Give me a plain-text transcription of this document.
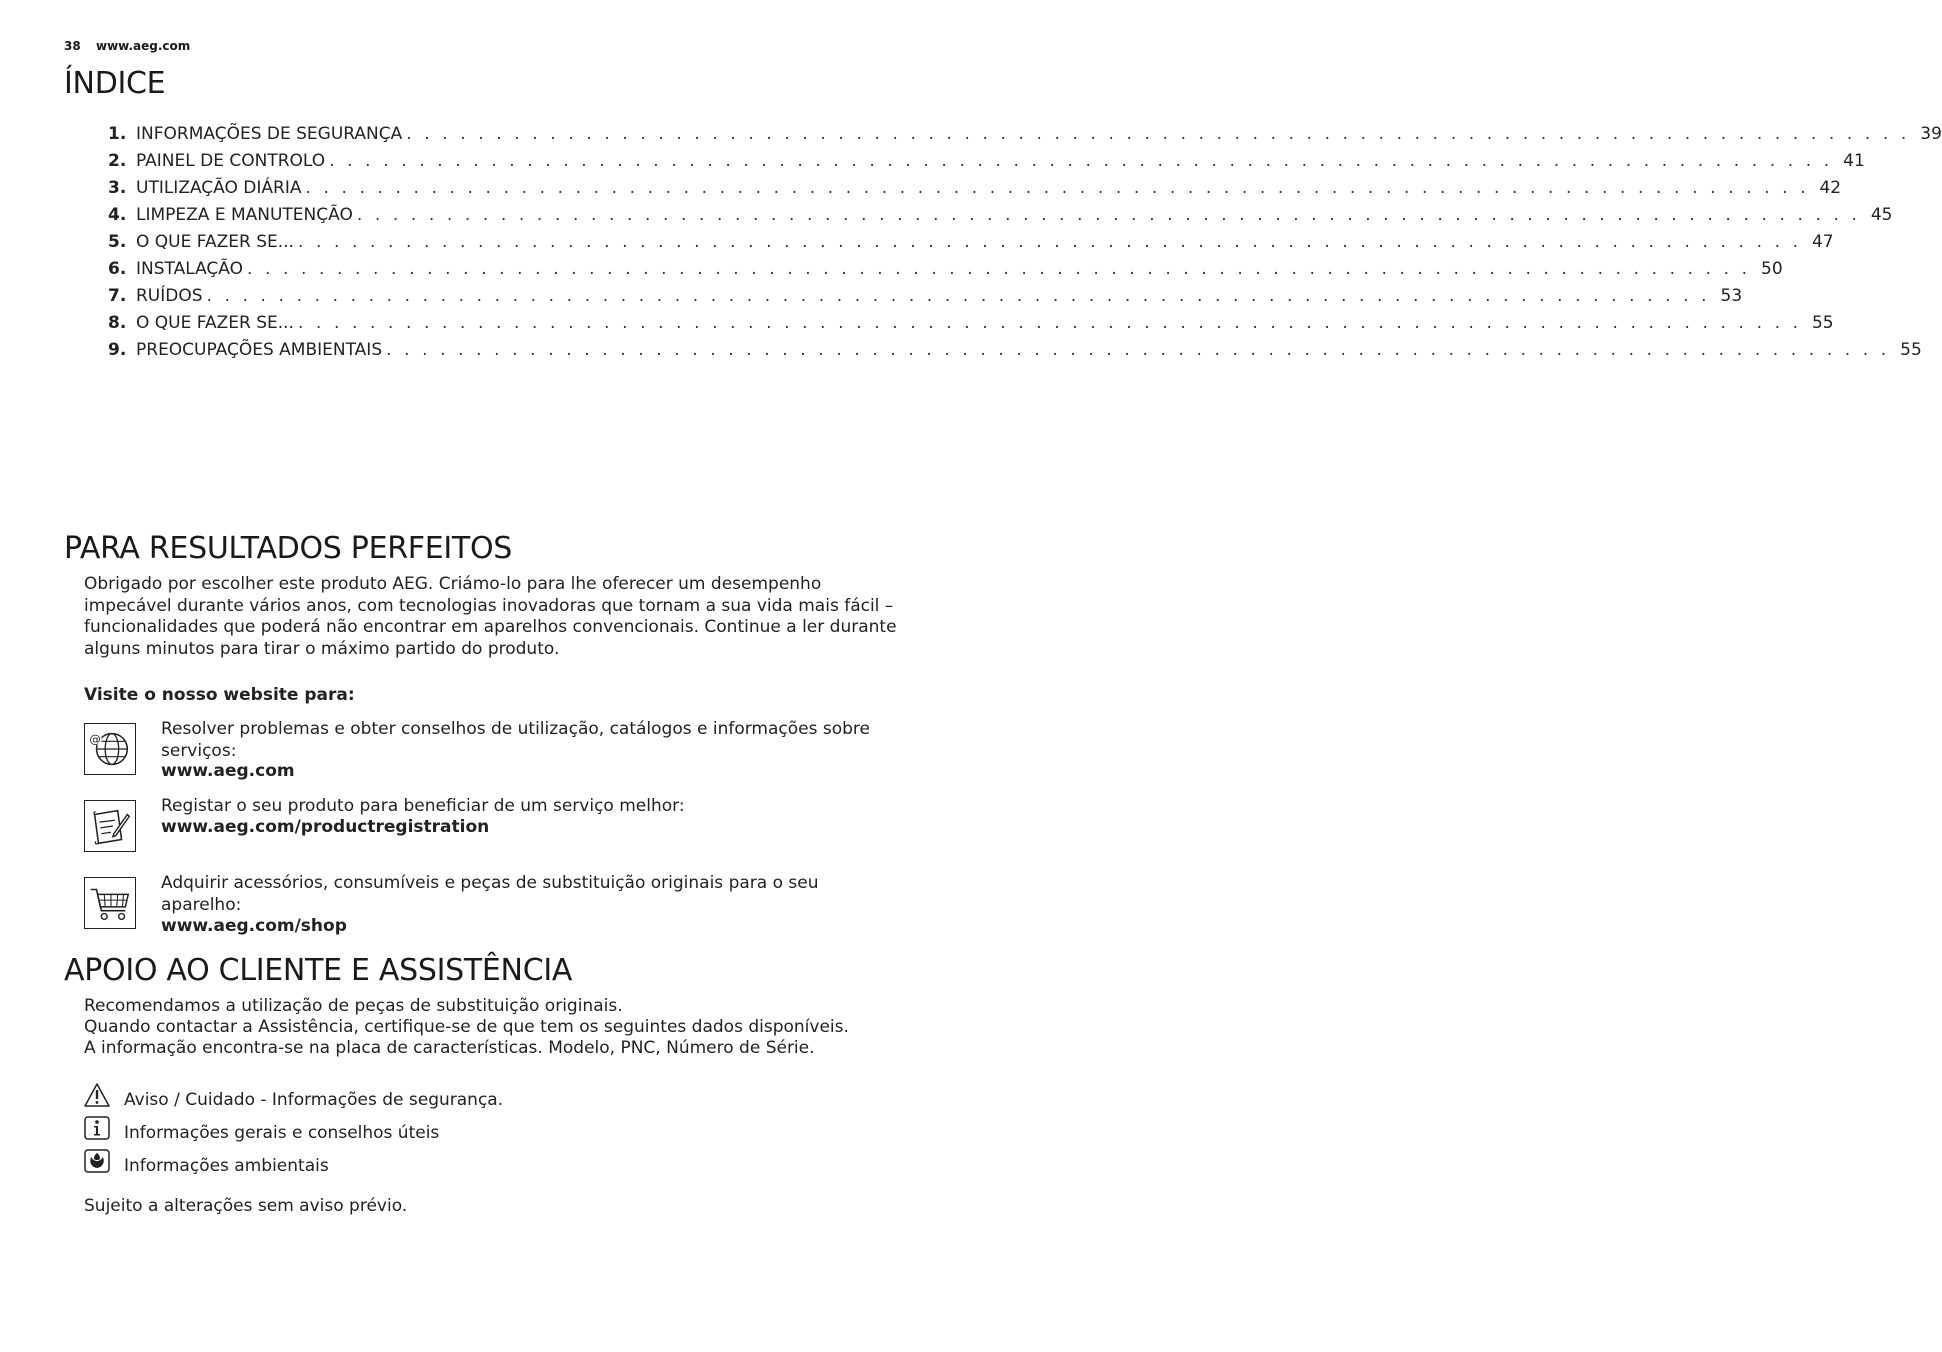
38 www.aeg.com
ÍNDICE
1. INFORMAÇÕES DE SEGURANÇA . . . . . . . . . . . . . . . . . . . . . . . . . . . . . . . . . . . . . . . . . . . . . . . . . . . . . . . . . . . . . . . . . . . . . . . . . . . . . . . . . . . . 39
2. PAINEL DE CONTROLO . . . . . . . . . . . . . . . . . . . . . . . . . . . . . . . . . . . . . . . . . . . . . . . . . . . . . . . . . . . . . . . . . . . . . . . . . . . . . . . . . . . . 41
3. UTILIZAÇÃO DIÁRIA . . . . . . . . . . . . . . . . . . . . . . . . . . . . . . . . . . . . . . . . . . . . . . . . . . . . . . . . . . . . . . . . . . . . . . . . . . . . . . . . . . . . 42
4. LIMPEZA E MANUTENÇÃO . . . . . . . . . . . . . . . . . . . . . . . . . . . . . . . . . . . . . . . . . . . . . . . . . . . . . . . . . . . . . . . . . . . . . . . . . . . . . . . . . . . . 45
5. O QUE FAZER SE... . . . . . . . . . . . . . . . . . . . . . . . . . . . . . . . . . . . . . . . . . . . . . . . . . . . . . . . . . . . . . . . . . . . . . . . . . . . . . . . . . . . . 47
6. INSTALAÇÃO . . . . . . . . . . . . . . . . . . . . . . . . . . . . . . . . . . . . . . . . . . . . . . . . . . . . . . . . . . . . . . . . . . . . . . . . . . . . . . . . . . . . 50
7. RUÍDOS . . . . . . . . . . . . . . . . . . . . . . . . . . . . . . . . . . . . . . . . . . . . . . . . . . . . . . . . . . . . . . . . . . . . . . . . . . . . . . . . . . . . 53
8. O QUE FAZER SE... . . . . . . . . . . . . . . . . . . . . . . . . . . . . . . . . . . . . . . . . . . . . . . . . . . . . . . . . . . . . . . . . . . . . . . . . . . . . . . . . . . . . 55
9. PREOCUPAÇÕES AMBIENTAIS . . . . . . . . . . . . . . . . . . . . . . . . . . . . . . . . . . . . . . . . . . . . . . . . . . . . . . . . . . . . . . . . . . . . . . . . . . . . . . . . . . . . 55
PARA RESULTADOS PERFEITOS

Obrigado por escolher este produto AEG. Criámo-lo para lhe oferecer um desempenho impecável durante vários anos, com tecnologias inovadoras que tornam a sua vida mais fácil – funcionalidades que poderá não encontrar em aparelhos convencionais. Continue a ler durante alguns minutos para tirar o máximo partido do produto.

Visite o nosso website para:
@
Resolver problemas e obter conselhos de utilização, catálogos e informações sobre serviços:
www.aeg.com
Registar o seu produto para beneficiar de um serviço melhor:
www.aeg.com/productregistration
Adquirir acessórios, consumíveis e peças de substituição originais para o seu aparelho:
www.aeg.com/shop
APOIO AO CLIENTE E ASSISTÊNCIA
Recomendamos a utilização de peças de substituição originais.
Quando contactar a Assistência, certifique-se de que tem os seguintes dados disponíveis.
A informação encontra-se na placa de características. Modelo, PNC, Número de Série.
Aviso / Cuidado - Informações de segurança.
Informações gerais e conselhos úteis
Informações ambientais
Sujeito a alterações sem aviso prévio.
